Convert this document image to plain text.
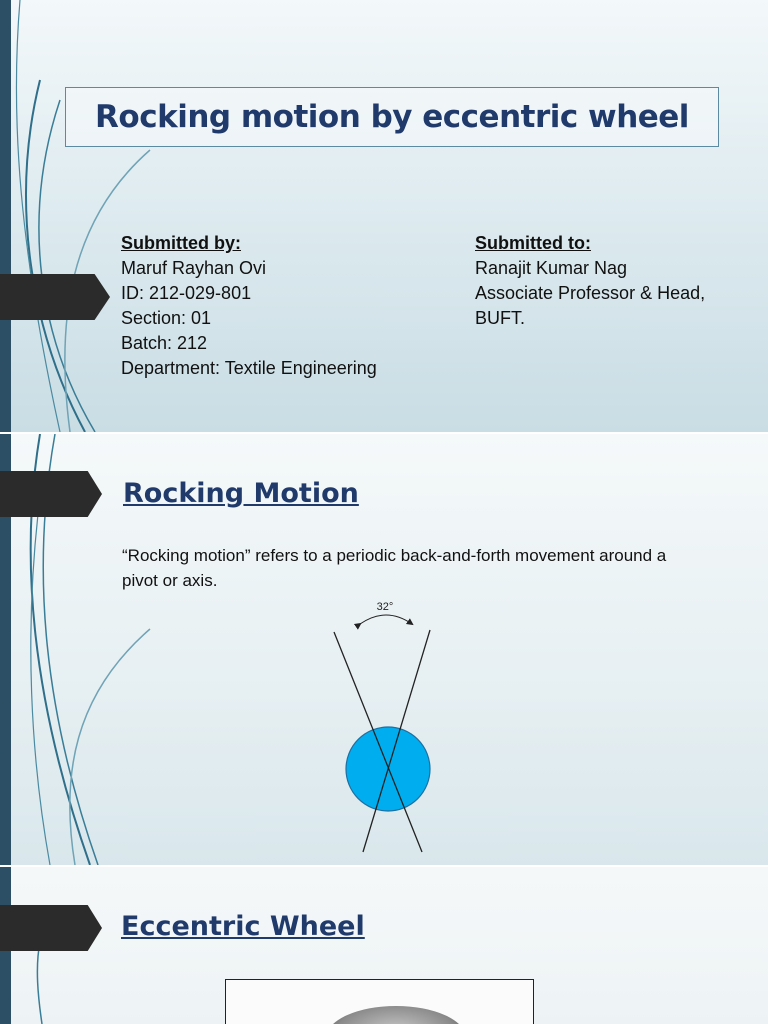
Rocking motion by eccentric wheel
Submitted by:
Maruf Rayhan Ovi
ID: 212-029-801
Section: 01
Batch: 212
Department: Textile Engineering
Submitted to:
Ranajit Kumar Nag
Associate Professor & Head,
BUFT.
Rocking Motion
“Rocking motion” refers to a periodic back-and-forth movement around a pivot or axis.
32°
Eccentric Wheel
